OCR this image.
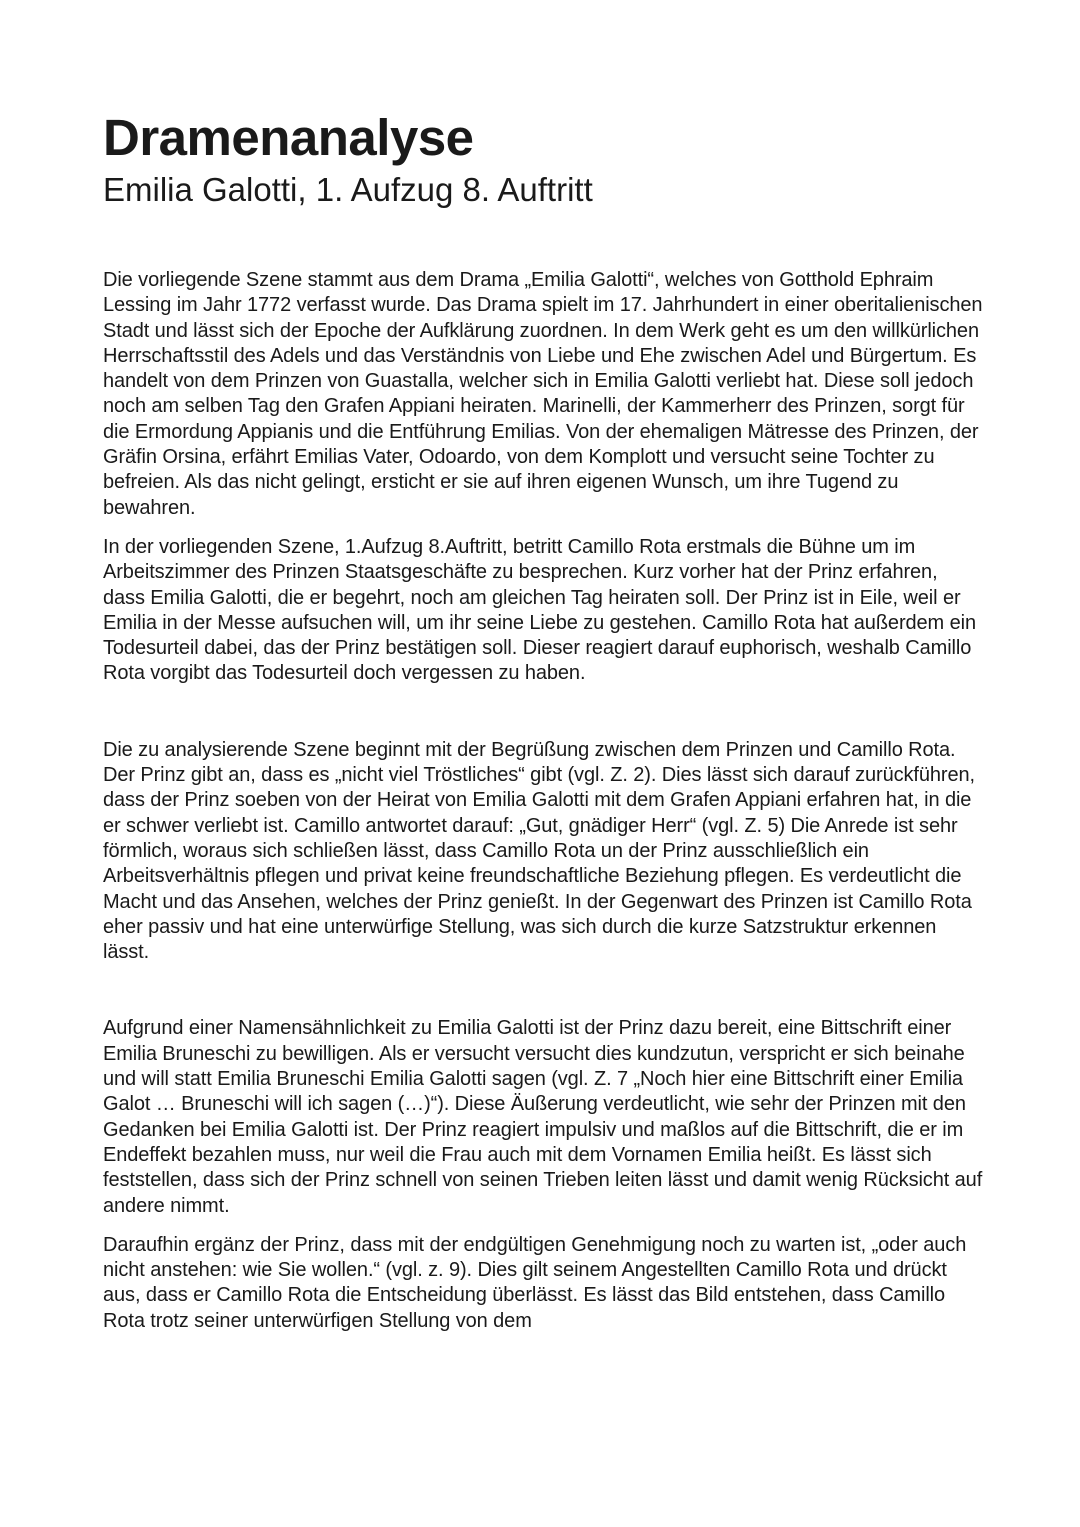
Dramenanalyse
Emilia Galotti, 1. Aufzug 8. Auftritt

Die vorliegende Szene stammt aus dem Drama „Emilia Galotti“, welches von Gotthold Ephraim Lessing im Jahr 1772 verfasst wurde. Das Drama spielt im 17. Jahrhundert in einer oberitalienischen Stadt und lässt sich der Epoche der Aufklärung zuordnen. In dem Werk geht es um den willkürlichen Herrschaftsstil des Adels und das Verständnis von Liebe und Ehe zwischen Adel und Bürgertum. Es handelt von dem Prinzen von Guastalla, welcher sich in Emilia Galotti verliebt hat. Diese soll jedoch noch am selben Tag den Grafen Appiani heiraten. Marinelli, der Kammerherr des Prinzen, sorgt für die Ermordung Appianis und die Entführung Emilias. Von der ehemaligen Mätresse des Prinzen, der Gräfin Orsina, erfährt Emilias Vater, Odoardo, von dem Komplott und versucht seine Tochter zu befreien. Als das nicht gelingt, ersticht er sie auf ihren eigenen Wunsch, um ihre Tugend zu bewahren.

In der vorliegenden Szene, 1.Aufzug 8.Auftritt, betritt Camillo Rota erstmals die Bühne um im Arbeitszimmer des Prinzen Staatsgeschäfte zu besprechen. Kurz vorher hat der Prinz erfahren, dass Emilia Galotti, die er begehrt, noch am gleichen Tag heiraten soll. Der Prinz ist in Eile, weil er Emilia in der Messe aufsuchen will, um ihr seine Liebe zu gestehen. Camillo Rota hat außerdem ein Todesurteil dabei, das der Prinz bestätigen soll. Dieser reagiert darauf euphorisch, weshalb Camillo Rota vorgibt das Todesurteil doch vergessen zu haben.

Die zu analysierende Szene beginnt mit der Begrüßung zwischen dem Prinzen und Camillo Rota. Der Prinz gibt an, dass es „nicht viel Tröstliches“ gibt (vgl. Z. 2). Dies lässt sich darauf zurückführen, dass der Prinz soeben von der Heirat von Emilia Galotti mit dem Grafen Appiani erfahren hat, in die er schwer verliebt ist. Camillo antwortet darauf: „Gut, gnädiger Herr“ (vgl. Z. 5) Die Anrede ist sehr förmlich, woraus sich schließen lässt, dass Camillo Rota un der Prinz ausschließlich ein Arbeitsverhältnis pflegen und privat keine freundschaftliche Beziehung pflegen. Es verdeutlicht die Macht und das Ansehen, welches der Prinz genießt. In der Gegenwart des Prinzen ist Camillo Rota eher passiv und hat eine unterwürfige Stellung, was sich durch die kurze Satzstruktur erkennen lässt.

Aufgrund einer Namensähnlichkeit zu Emilia Galotti ist der Prinz dazu bereit, eine Bittschrift einer Emilia Bruneschi zu bewilligen. Als er versucht versucht dies kundzutun, verspricht er sich beinahe und will statt Emilia Bruneschi Emilia Galotti sagen (vgl. Z. 7 „Noch hier eine Bittschrift einer Emilia Galot … Bruneschi will ich sagen (…)“). Diese Äußerung verdeutlicht, wie sehr der Prinzen mit den Gedanken bei Emilia Galotti ist. Der Prinz reagiert impulsiv und maßlos auf die Bittschrift, die er im Endeffekt bezahlen muss, nur weil die Frau auch mit dem Vornamen Emilia heißt. Es lässt sich feststellen, dass sich der Prinz schnell von seinen Trieben leiten lässt und damit wenig Rücksicht auf andere nimmt.

Daraufhin ergänz der Prinz, dass mit der endgültigen Genehmigung noch zu warten ist, „oder auch nicht anstehen: wie Sie wollen.“ (vgl. z. 9). Dies gilt seinem Angestellten Camillo Rota und drückt aus, dass er Camillo Rota die Entscheidung überlässt. Es lässt das Bild entstehen, dass Camillo Rota trotz seiner unterwürfigen Stellung von dem
